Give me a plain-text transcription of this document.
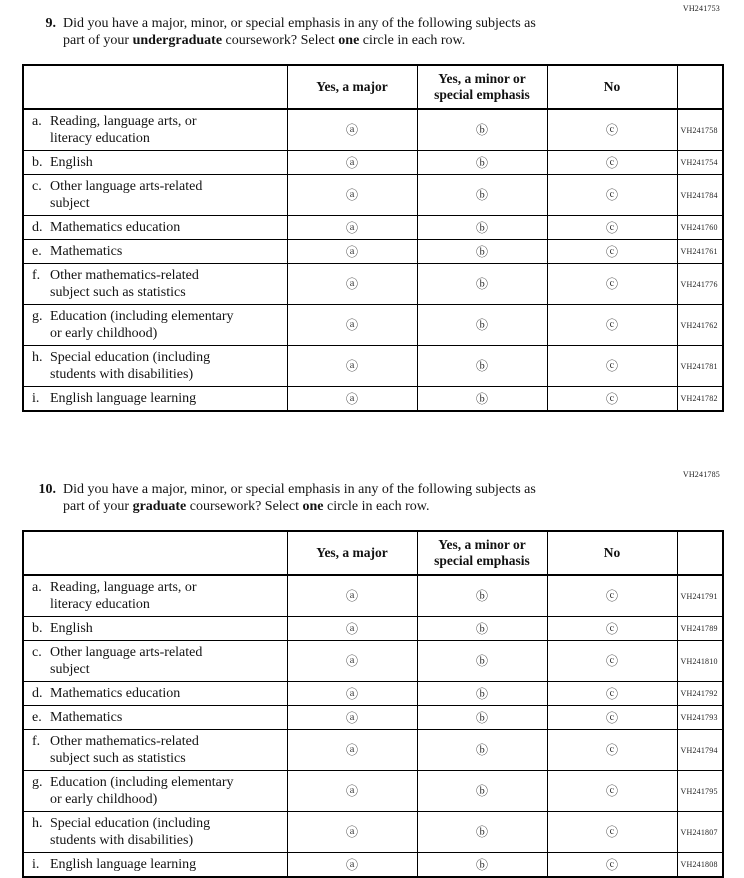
VH241753
9. Did you have a major, minor, or special emphasis in any of the following subjects as
part of your undergraduate coursework? Select one circle in each row.
	Yes, a major	Yes, a minor or
special emphasis	No	
a. Reading, language arts, or
literacy education	ⓐ	ⓑ	ⓒ	VH241758
b. English	ⓐ	ⓑ	ⓒ	VH241754
c. Other language arts-related
subject	ⓐ	ⓑ	ⓒ	VH241784
d. Mathematics education	ⓐ	ⓑ	ⓒ	VH241760
e. Mathematics	ⓐ	ⓑ	ⓒ	VH241761
f. Other mathematics-related
subject such as statistics	ⓐ	ⓑ	ⓒ	VH241776
g. Education (including elementary
or early childhood)	ⓐ	ⓑ	ⓒ	VH241762
h. Special education (including
students with disabilities)	ⓐ	ⓑ	ⓒ	VH241781
i. English language learning	ⓐ	ⓑ	ⓒ	VH241782
VH241785
10. Did you have a major, minor, or special emphasis in any of the following subjects as
part of your graduate coursework? Select one circle in each row.
	Yes, a major	Yes, a minor or
special emphasis	No	
a. Reading, language arts, or
literacy education	ⓐ	ⓑ	ⓒ	VH241791
b. English	ⓐ	ⓑ	ⓒ	VH241789
c. Other language arts-related
subject	ⓐ	ⓑ	ⓒ	VH241810
d. Mathematics education	ⓐ	ⓑ	ⓒ	VH241792
e. Mathematics	ⓐ	ⓑ	ⓒ	VH241793
f. Other mathematics-related
subject such as statistics	ⓐ	ⓑ	ⓒ	VH241794
g. Education (including elementary
or early childhood)	ⓐ	ⓑ	ⓒ	VH241795
h. Special education (including
students with disabilities)	ⓐ	ⓑ	ⓒ	VH241807
i. English language learning	ⓐ	ⓑ	ⓒ	VH241808
